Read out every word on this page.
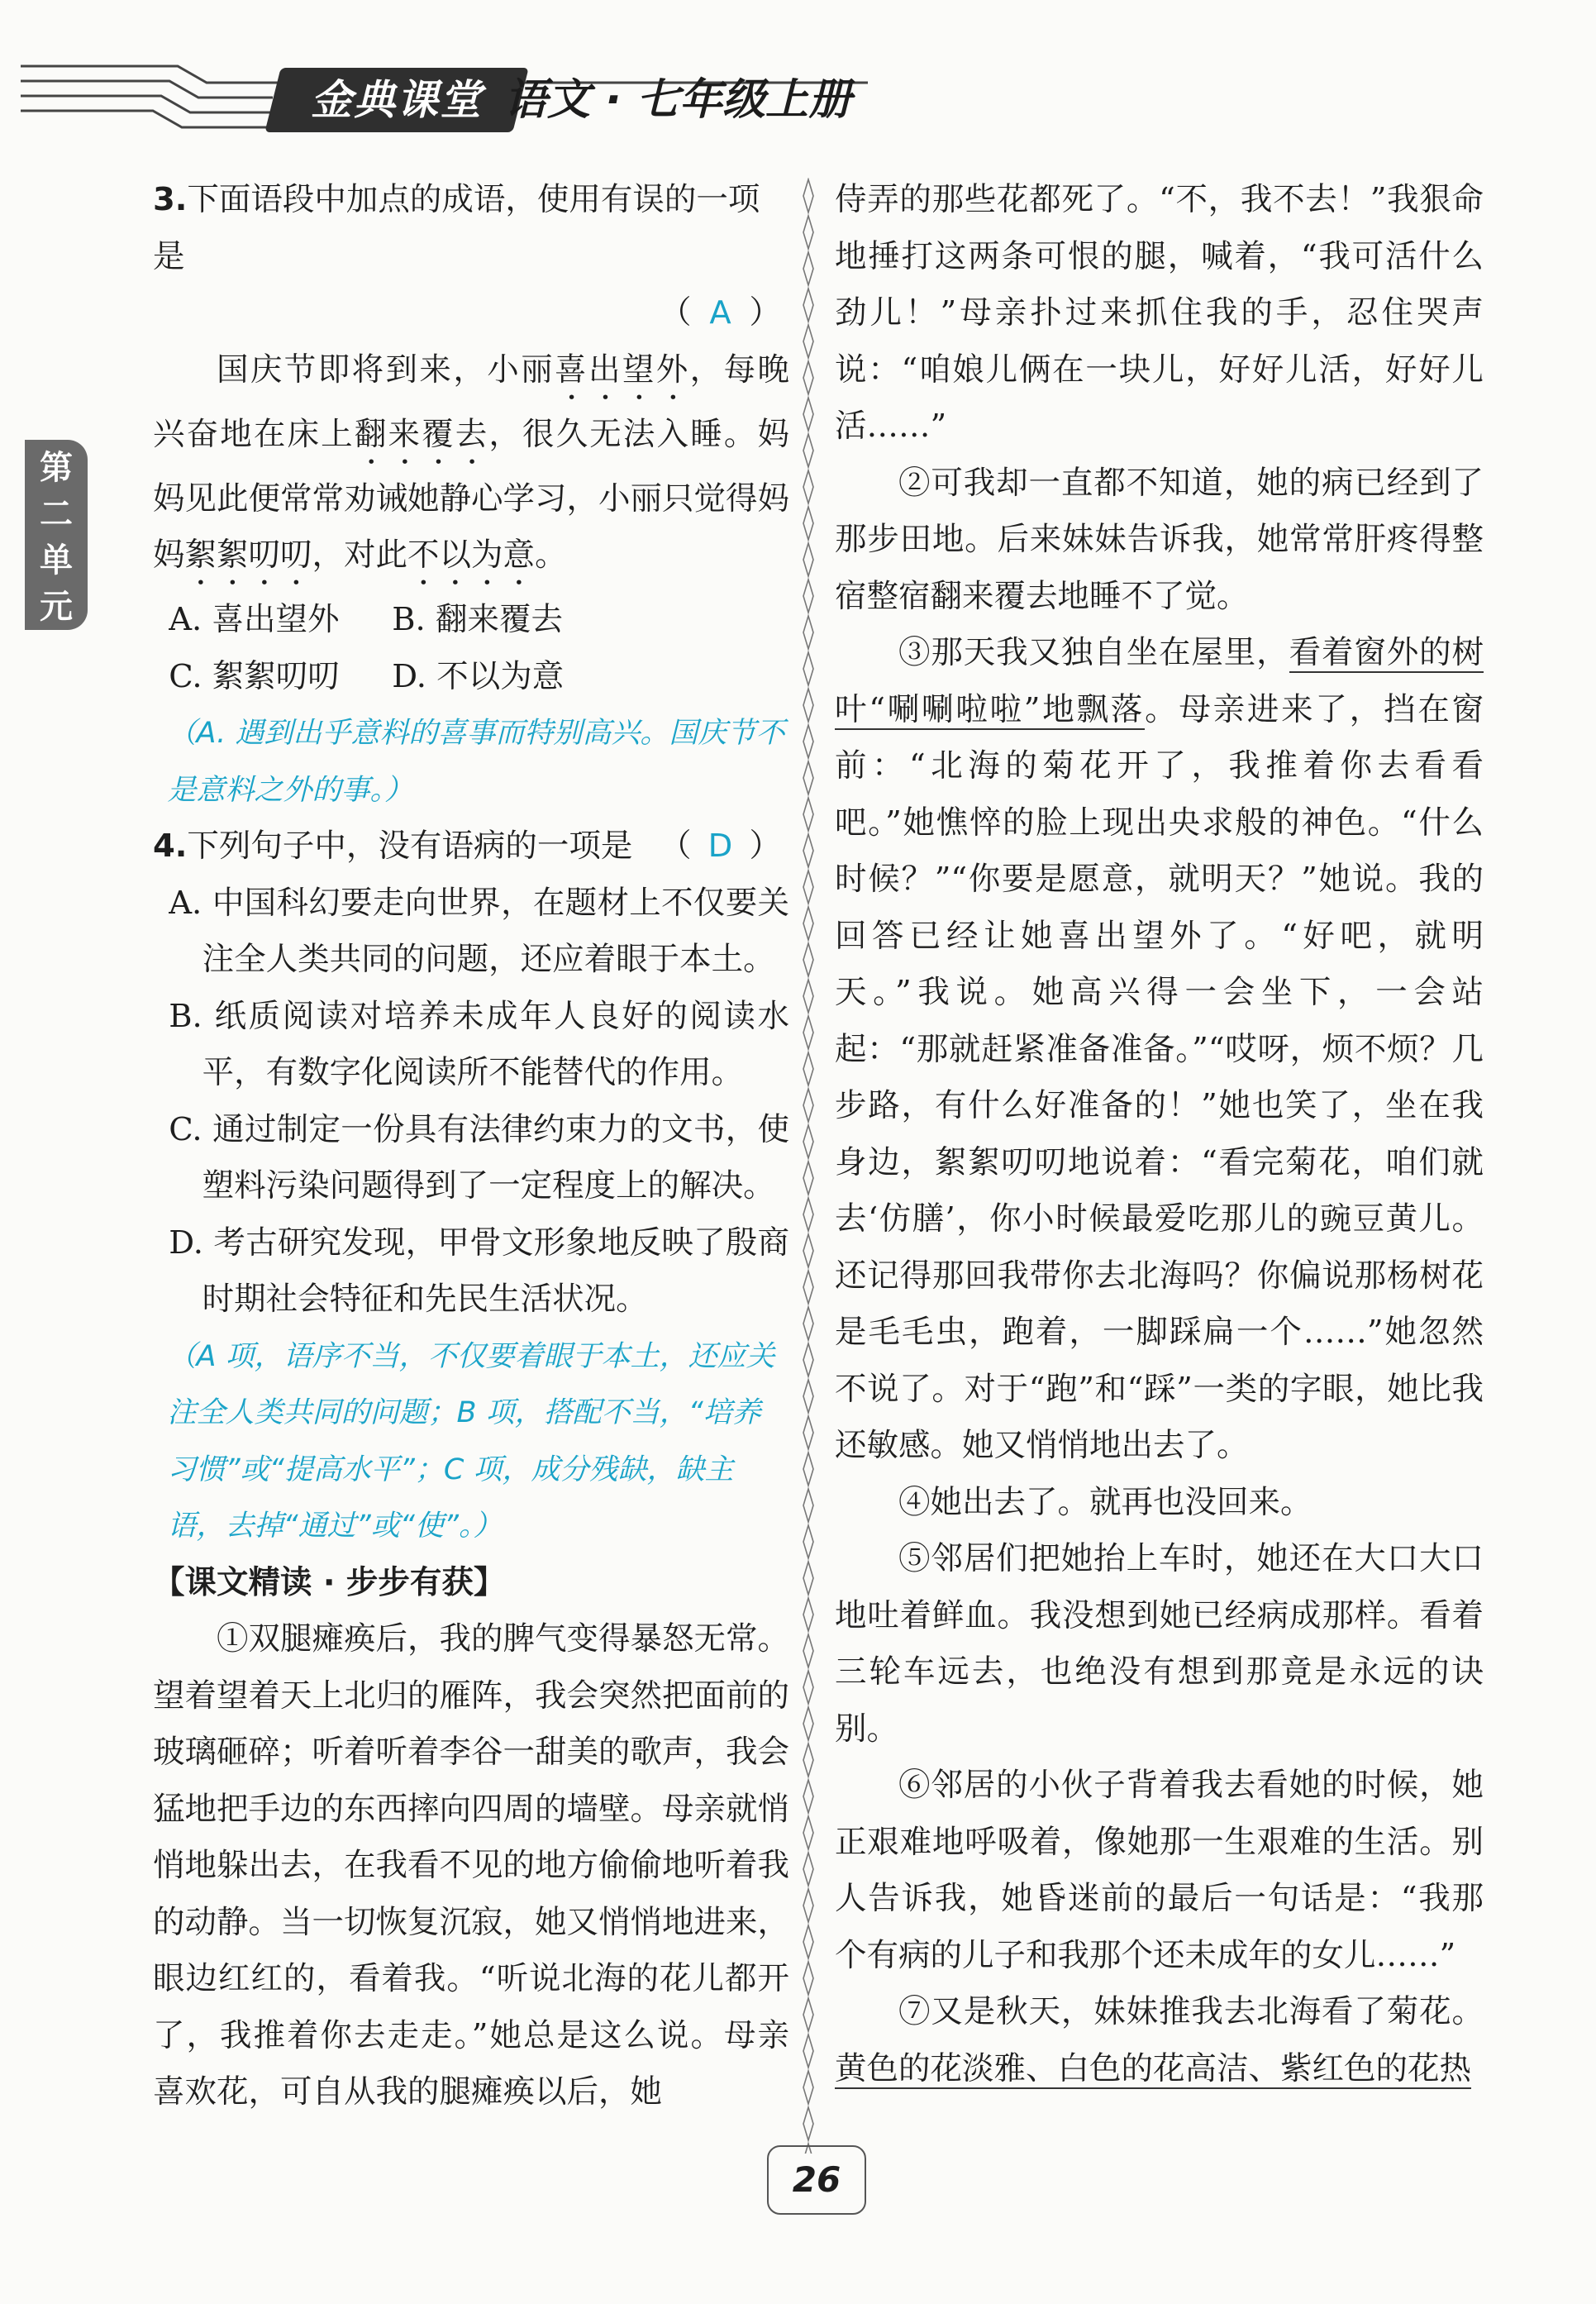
金典课堂 语文 · 七年级上册
第
二
单
元
3.下面语段中加点的成语，使用有误的一项是
（ A ）

国庆节即将到来，小丽喜出望外，每晚兴奋地在床上翻来覆去，很久无法入睡。妈妈见此便常常劝诫她静心学习，小丽只觉得妈妈絮絮叨叨，对此不以为意。

A. 喜出望外	B. 翻来覆去
C. 絮絮叨叨	D. 不以为意

（A. 遇到出乎意料的喜事而特别高兴。国庆节不是意料之外的事。）

4.下列句子中，没有语病的一项是 （ D ）

A. 中国科幻要走向世界，在题材上不仅要关注全人类共同的问题，还应着眼于本土。

B. 纸质阅读对培养未成年人良好的阅读水平，有数字化阅读所不能替代的作用。

C. 通过制定一份具有法律约束力的文书，使塑料污染问题得到了一定程度上的解决。

D. 考古研究发现，甲骨文形象地反映了殷商时期社会特征和先民生活状况。

（A 项，语序不当，不仅要着眼于本土，还应关注全人类共同的问题；B 项，搭配不当，“培养习惯”或“提高水平”；C 项，成分残缺，缺主语，去掉“通过”或“使”。）

【课文精读 · 步步有获】

①双腿瘫痪后，我的脾气变得暴怒无常。望着望着天上北归的雁阵，我会突然把面前的玻璃砸碎；听着听着李谷一甜美的歌声，我会猛地把手边的东西摔向四周的墙壁。母亲就悄悄地躲出去，在我看不见的地方偷偷地听着我的动静。当一切恢复沉寂，她又悄悄地进来，眼边红红的，看着我。“听说北海的花儿都开了，我推着你去走走。”她总是这么说。母亲喜欢花，可自从我的腿瘫痪以后，她

侍弄的那些花都死了。“不，我不去！”我狠命地捶打这两条可恨的腿，喊着，“我可活什么劲儿！”母亲扑过来抓住我的手，忍住哭声说：“咱娘儿俩在一块儿，好好儿活，好好儿活……”

②可我却一直都不知道，她的病已经到了那步田地。后来妹妹告诉我，她常常肝疼得整宿整宿翻来覆去地睡不了觉。

③那天我又独自坐在屋里，看着窗外的树叶“唰唰啦啦”地飘落。母亲进来了，挡在窗前：“北海的菊花开了，我推着你去看看吧。”她憔悴的脸上现出央求般的神色。“什么时候？”“你要是愿意，就明天？”她说。我的回答已经让她喜出望外了。“好吧，就明天。”我说。她高兴得一会坐下，一会站起：“那就赶紧准备准备。”“哎呀，烦不烦？几步路，有什么好准备的！”她也笑了，坐在我身边，絮絮叨叨地说着：“看完菊花，咱们就去‘仿膳’，你小时候最爱吃那儿的豌豆黄儿。还记得那回我带你去北海吗？你偏说那杨树花是毛毛虫，跑着，一脚踩扁一个……”她忽然不说了。对于“跑”和“踩”一类的字眼，她比我还敏感。她又悄悄地出去了。

④她出去了。就再也没回来。

⑤邻居们把她抬上车时，她还在大口大口地吐着鲜血。我没想到她已经病成那样。看着三轮车远去，也绝没有想到那竟是永远的诀别。

⑥邻居的小伙子背着我去看她的时候，她正艰难地呼吸着，像她那一生艰难的生活。别人告诉我，她昏迷前的最后一句话是：“我那个有病的儿子和我那个还未成年的女儿……”

⑦又是秋天，妹妹推我去北海看了菊花。黄色的花淡雅、白色的花高洁、紫红色的花热

26
